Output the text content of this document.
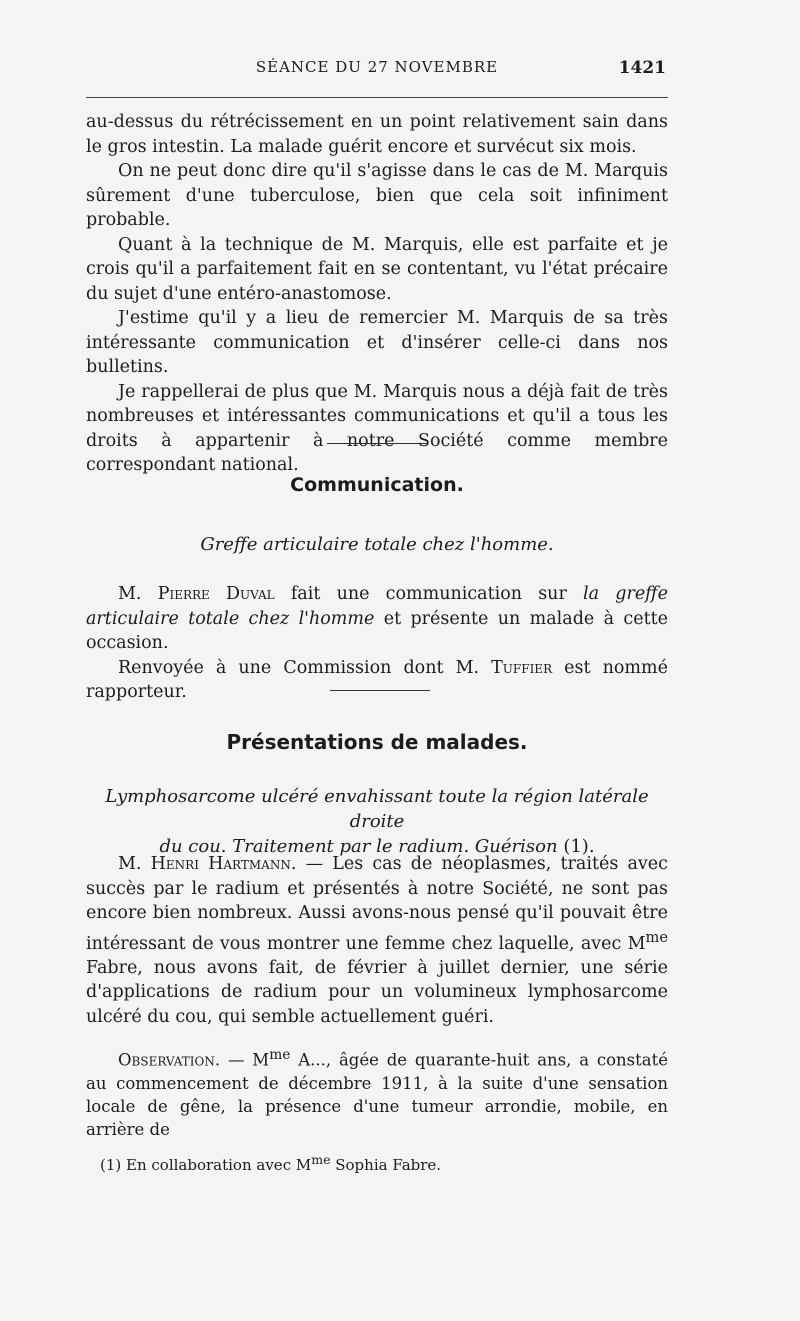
SÉANCE DU 27 NOVEMBRE	1421

au-dessus du rétrécissement en un point relativement sain dans le gros intestin. La malade guérit encore et survécut six mois.

On ne peut donc dire qu'il s'agisse dans le cas de M. Marquis sûrement d'une tuberculose, bien que cela soit infiniment probable.

Quant à la technique de M. Marquis, elle est parfaite et je crois qu'il a parfaitement fait en se contentant, vu l'état précaire du sujet d'une entéro-anastomose.

J'estime qu'il y a lieu de remercier M. Marquis de sa très intéressante communication et d'insérer celle-ci dans nos bulletins.

Je rappellerai de plus que M. Marquis nous a déjà fait de très nombreuses et intéressantes communications et qu'il a tous les droits à appartenir à notre Société comme membre correspondant national.

Communication.
Greffe articulaire totale chez l'homme.

M. Pierre Duval fait une communication sur la greffe articulaire totale chez l'homme et présente un malade à cette occasion.

Renvoyée à une Commission dont M. Tuffier est nommé rapporteur.

Présentations de malades.
Lymphosarcome ulcéré envahissant toute la région latérale droite
du cou. Traitement par le radium. Guérison (1).

M. Henri Hartmann. — Les cas de néoplasmes, traités avec succès par le radium et présentés à notre Société, ne sont pas encore bien nombreux. Aussi avons-nous pensé qu'il pouvait être intéressant de vous montrer une femme chez laquelle, avec $M^{me}$ Fabre, nous avons fait, de février à juillet dernier, une série d'applications de radium pour un volumineux lymphosarcome ulcéré du cou, qui semble actuellement guéri.

Observation. — $M^{me}$ A..., âgée de quarante-huit ans, a constaté au commencement de décembre 1911, à la suite d'une sensation locale de gêne, la présence d'une tumeur arrondie, mobile, en arrière de

(1) En collaboration avec $M^{me}$ Sophia Fabre.
